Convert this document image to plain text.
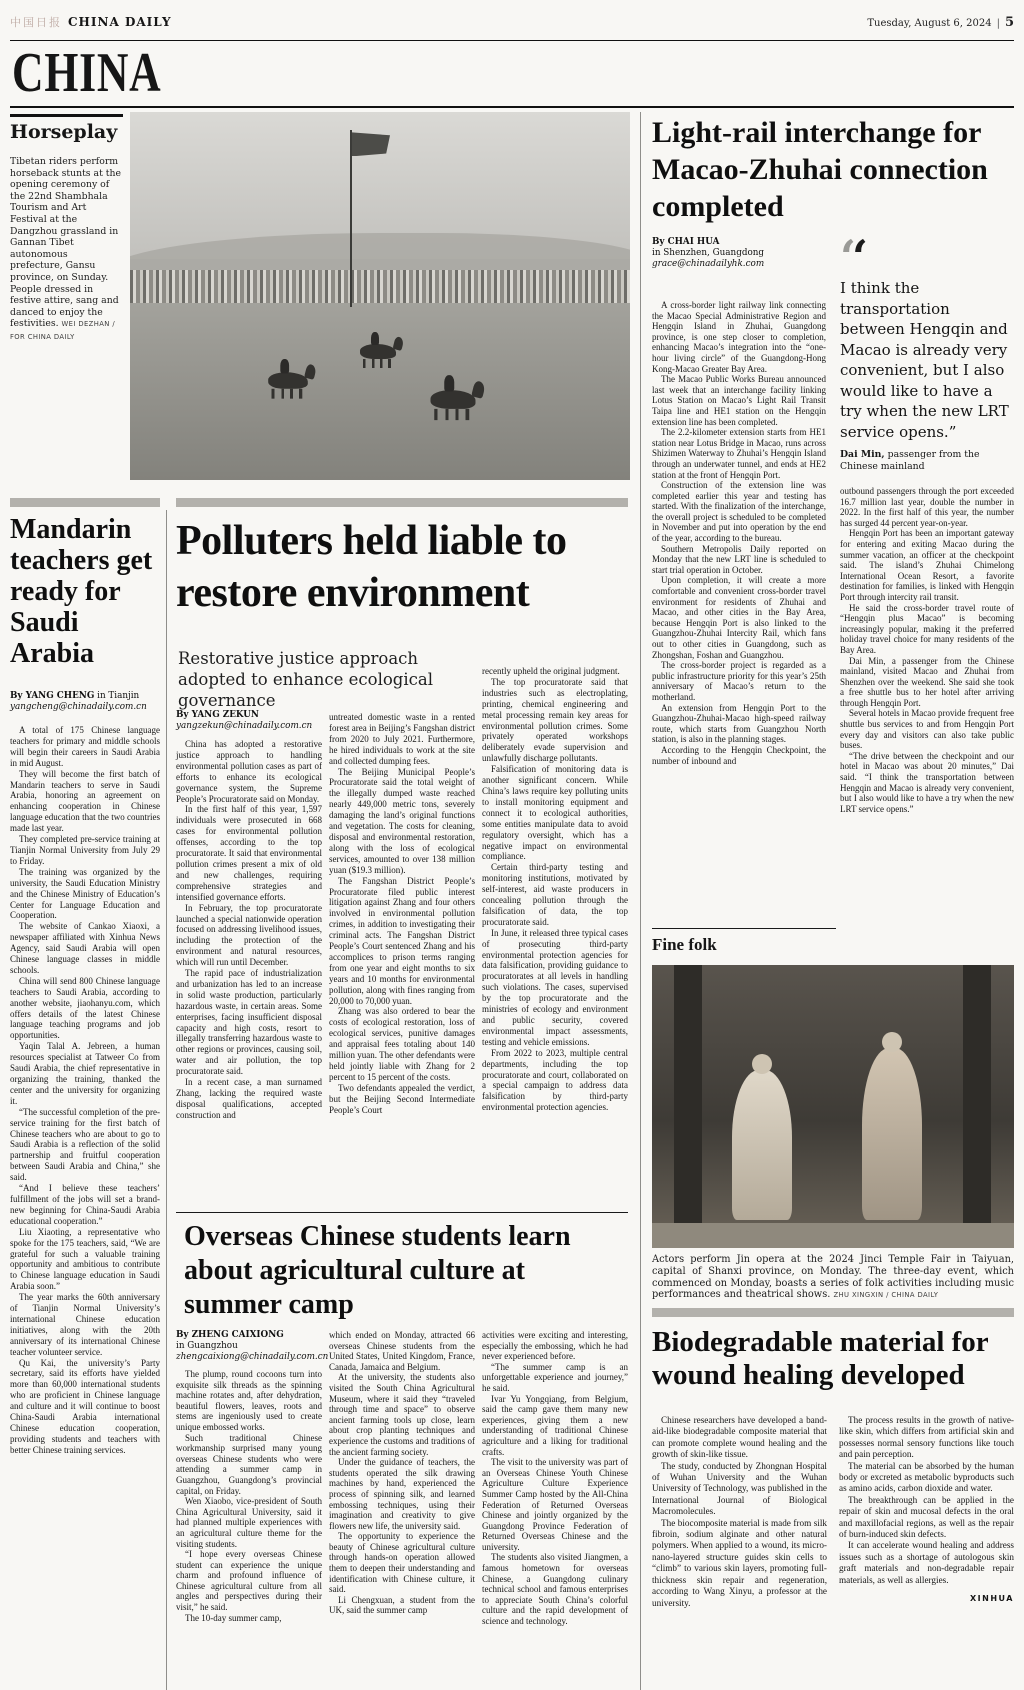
中国日报 CHINA DAILY	Tuesday, August 6, 2024 | 5
CHINA
Horseplay
Tibetan riders perform horseback stunts at the opening ceremony of the 22nd Shambhala Tourism and Art Festival at the Dangzhou grassland in Gannan Tibet autonomous prefecture, Gansu province, on Sunday. People dressed in festive attire, sang and danced to enjoy the festivities. WEI DEZHAN / FOR CHINA DAILY
Light-rail interchange for Macao-Zhuhai connection completed
By CHAI HUA
in Shenzhen, Guangdong
grace@chinadailyhk.com

A cross-border light railway link connecting the Macao Special Administrative Region and Hengqin Island in Zhuhai, Guangdong province, is one step closer to completion, enhancing Macao’s integration into the “one-hour living circle” of the Guangdong-Hong Kong-Macao Greater Bay Area.

The Macao Public Works Bureau announced last week that an interchange facility linking Lotus Station on Macao’s Light Rail Transit Taipa line and HE1 station on the Hengqin extension line has been completed.

The 2.2-kilometer extension starts from HE1 station near Lotus Bridge in Macao, runs across Shizimen Waterway to Zhuhai’s Hengqin Island through an underwater tunnel, and ends at HE2 station at the front of Hengqin Port.

Construction of the extension line was completed earlier this year and testing has started. With the finalization of the interchange, the overall project is scheduled to be completed in November and put into operation by the end of the year, according to the bureau.

Southern Metropolis Daily reported on Monday that the new LRT line is scheduled to start trial operation in October.

Upon completion, it will create a more comfortable and convenient cross-border travel environment for residents of Zhuhai and Macao, and other cities in the Bay Area, because Hengqin Port is also linked to the Guangzhou-Zhuhai Intercity Rail, which fans out to other cities in Guangdong, such as Zhongshan, Foshan and Guangzhou.

The cross-border project is regarded as a public infrastructure priority for this year’s 25th anniversary of Macao’s return to the motherland.

An extension from Hengqin Port to the Guangzhou-Zhuhai-Macao high-speed railway route, which starts from Guangzhou North station, is also in the planning stages.

According to the Hengqin Checkpoint, the number of inbound and

‘‘
I think the transportation between Hengqin and Macao is already very convenient, but I also would like to have a try when the new LRT service opens.”
Dai Min, passenger from the Chinese mainland

outbound passengers through the port exceeded 16.7 million last year, double the number in 2022. In the first half of this year, the number has surged 44 percent year-on-year.

Hengqin Port has been an important gateway for entering and exiting Macao during the summer vacation, an officer at the checkpoint said. The island’s Zhuhai Chimelong International Ocean Resort, a favorite destination for families, is linked with Hengqin Port through intercity rail transit.

He said the cross-border travel route of “Hengqin plus Macao” is becoming increasingly popular, making it the preferred holiday travel choice for many residents of the Bay Area.

Dai Min, a passenger from the Chinese mainland, visited Macao and Zhuhai from Shenzhen over the weekend. She said she took a free shuttle bus to her hotel after arriving through Hengqin Port.

Several hotels in Macao provide frequent free shuttle bus services to and from Hengqin Port every day and visitors can also take public buses.

“The drive between the checkpoint and our hotel in Macao was about 20 minutes,” Dai said. “I think the transportation between Hengqin and Macao is already very convenient, but I also would like to have a try when the new LRT service opens.”

Fine folk
Actors perform Jin opera at the 2024 Jinci Temple Fair in Taiyuan, capital of Shanxi province, on Monday. The three-day event, which commenced on Monday, boasts a series of folk activities including music performances and theatrical shows. ZHU XINGXIN / CHINA DAILY
Biodegradable material for wound healing developed

Chinese researchers have developed a band-aid-like biodegradable composite material that can promote complete wound healing and the growth of skin-like tissue.

The study, conducted by Zhongnan Hospital of Wuhan University and the Wuhan University of Technology, was published in the International Journal of Biological Macromolecules.

The biocomposite material is made from silk fibroin, sodium alginate and other natural polymers. When applied to a wound, its micro-nano-layered structure guides skin cells to “climb” to various skin layers, promoting full-thickness skin repair and regeneration, according to Wang Xinyu, a professor at the university.

The process results in the growth of native-like skin, which differs from artificial skin and possesses normal sensory functions like touch and pain perception.

The material can be absorbed by the human body or excreted as metabolic byproducts such as amino acids, carbon dioxide and water.

The breakthrough can be applied in the repair of skin and mucosal defects in the oral and maxillofacial regions, as well as the repair of burn-induced skin defects.

It can accelerate wound healing and address issues such as a shortage of autologous skin graft materials and non-degradable repair materials, as well as allergies.

XINHUA
Mandarin teachers get ready for Saudi Arabia
By YANG CHENG in Tianjin
yangcheng@chinadaily.com.cn

A total of 175 Chinese language teachers for primary and middle schools will begin their careers in Saudi Arabia in mid August.

They will become the first batch of Mandarin teachers to serve in Saudi Arabia, honoring an agreement on enhancing cooperation in Chinese language education that the two countries made last year.

They completed pre-service training at Tianjin Normal University from July 29 to Friday.

The training was organized by the university, the Saudi Education Ministry and the Chinese Ministry of Education’s Center for Language Education and Cooperation.

The website of Cankao Xiaoxi, a newspaper affiliated with Xinhua News Agency, said Saudi Arabia will open Chinese language classes in middle schools.

China will send 800 Chinese language teachers to Saudi Arabia, according to another website, jiaohanyu.com, which offers details of the latest Chinese language teaching programs and job opportunities.

Yaqin Talal A. Jebreen, a human resources specialist at Tatweer Co from Saudi Arabia, the chief representative in organizing the training, thanked the center and the university for organizing it.

“The successful completion of the pre-service training for the first batch of Chinese teachers who are about to go to Saudi Arabia is a reflection of the solid partnership and fruitful cooperation between Saudi Arabia and China,” she said.

“And I believe these teachers’ fulfillment of the jobs will set a brand-new beginning for China-Saudi Arabia educational cooperation.”

Liu Xiaoting, a representative who spoke for the 175 teachers, said, “We are grateful for such a valuable training opportunity and ambitious to contribute to Chinese language education in Saudi Arabia soon.”

The year marks the 60th anniversary of Tianjin Normal University’s international Chinese education initiatives, along with the 20th anniversary of its international Chinese teacher volunteer service.

Qu Kai, the university’s Party secretary, said its efforts have yielded more than 60,000 international students who are proficient in Chinese language and culture and it will continue to boost China-Saudi Arabia international Chinese education cooperation, providing students and teachers with better Chinese training services.

Polluters held liable to restore environment
Restorative justice approach adopted to enhance ecological governance
By YANG ZEKUN
yangzekun@chinadaily.com.cn

China has adopted a restorative justice approach to handling environmental pollution cases as part of efforts to enhance its ecological governance system, the Supreme People’s Procuratorate said on Monday.

In the first half of this year, 1,597 individuals were prosecuted in 668 cases for environmental pollution offenses, according to the top procuratorate. It said that environmental pollution crimes present a mix of old and new challenges, requiring comprehensive strategies and intensified governance efforts.

In February, the top procuratorate launched a special nationwide operation focused on addressing livelihood issues, including the protection of the environment and natural resources, which will run until December.

The rapid pace of industrialization and urbanization has led to an increase in solid waste production, particularly hazardous waste, in certain areas. Some enterprises, facing insufficient disposal capacity and high costs, resort to illegally transferring hazardous waste to other regions or provinces, causing soil, water and air pollution, the top procuratorate said.

In a recent case, a man surnamed Zhang, lacking the required waste disposal qualifications, accepted construction and

untreated domestic waste in a rented forest area in Beijing’s Fangshan district from 2020 to July 2021. Furthermore, he hired individuals to work at the site and collected dumping fees.

The Beijing Municipal People’s Procuratorate said the total weight of the illegally dumped waste reached nearly 449,000 metric tons, severely damaging the land’s original functions and vegetation. The costs for cleaning, disposal and environmental restoration, along with the loss of ecological services, amounted to over 138 million yuan ($19.3 million).

The Fangshan District People’s Procuratorate filed public interest litigation against Zhang and four others involved in environmental pollution crimes, in addition to investigating their criminal acts. The Fangshan District People’s Court sentenced Zhang and his accomplices to prison terms ranging from one year and eight months to six years and 10 months for environmental pollution, along with fines ranging from 20,000 to 70,000 yuan.

Zhang was also ordered to bear the costs of ecological restoration, loss of ecological services, punitive damages and appraisal fees totaling about 140 million yuan. The other defendants were held jointly liable with Zhang for 2 percent to 15 percent of the costs.

Two defendants appealed the verdict, but the Beijing Second Intermediate People’s Court

recently upheld the original judgment.

The top procuratorate said that industries such as electroplating, printing, chemical engineering and metal processing remain key areas for environmental pollution crimes. Some privately operated workshops deliberately evade supervision and unlawfully discharge pollutants.

Falsification of monitoring data is another significant concern. While China’s laws require key polluting units to install monitoring equipment and connect it to ecological authorities, some entities manipulate data to avoid regulatory oversight, which has a negative impact on environmental compliance.

Certain third-party testing and monitoring institutions, motivated by self-interest, aid waste producers in concealing pollution through the falsification of data, the top procuratorate said.

In June, it released three typical cases of prosecuting third-party environmental protection agencies for data falsification, providing guidance to procuratorates at all levels in handling such violations. The cases, supervised by the top procuratorate and the ministries of ecology and environment and public security, covered environmental impact assessments, testing and vehicle emissions.

From 2022 to 2023, multiple central departments, including the top procuratorate and court, collaborated on a special campaign to address data falsification by third-party environmental protection agencies.

Overseas Chinese students learn about agricultural culture at summer camp
By ZHENG CAIXIONG
in Guangzhou
zhengcaixiong@chinadaily.com.cn

The plump, round cocoons turn into exquisite silk threads as the spinning machine rotates and, after dehydration, beautiful flowers, leaves, roots and stems are ingeniously used to create unique embossed works.

Such traditional Chinese workmanship surprised many young overseas Chinese students who were attending a summer camp in Guangzhou, Guangdong’s provincial capital, on Friday.

Wen Xiaobo, vice-president of South China Agricultural University, said it had planned multiple experiences with an agricultural culture theme for the visiting students.

“I hope every overseas Chinese student can experience the unique charm and profound influence of Chinese agricultural culture from all angles and perspectives during their visit,” he said.

The 10-day summer camp,

which ended on Monday, attracted 66 overseas Chinese students from the United States, United Kingdom, France, Canada, Jamaica and Belgium.

At the university, the students also visited the South China Agricultural Museum, where it said they “traveled through time and space” to observe ancient farming tools up close, learn about crop planting techniques and experience the customs and traditions of the ancient farming society.

Under the guidance of teachers, the students operated the silk drawing machines by hand, experienced the process of spinning silk, and learned embossing techniques, using their imagination and creativity to give flowers new life, the university said.

The opportunity to experience the beauty of Chinese agricultural culture through hands-on operation allowed them to deepen their understanding and identification with Chinese culture, it said.

Li Chengxuan, a student from the UK, said the summer camp

activities were exciting and interesting, especially the embossing, which he had never experienced before.

“The summer camp is an unforgettable experience and journey,” he said.

Ivar Yu Yongqiang, from Belgium, said the camp gave them many new experiences, giving them a new understanding of traditional Chinese agriculture and a liking for traditional crafts.

The visit to the university was part of an Overseas Chinese Youth Chinese Agriculture Culture Experience Summer Camp hosted by the All-China Federation of Returned Overseas Chinese and jointly organized by the Guangdong Province Federation of Returned Overseas Chinese and the university.

The students also visited Jiangmen, a famous hometown for overseas Chinese, a Guangdong culinary technical school and famous enterprises to appreciate South China’s colorful culture and the rapid development of science and technology.
